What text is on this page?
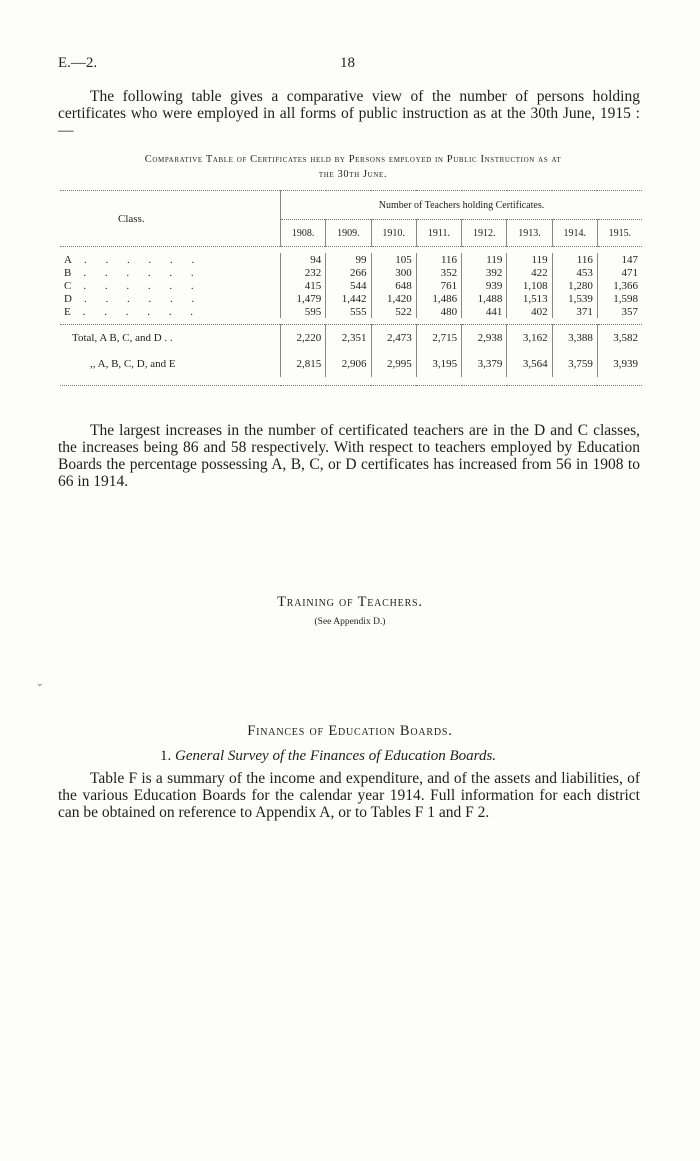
E.—2.	18
The following table gives a comparative view of the number of persons holding certificates who were employed in all forms of public instruction as at the 30th June, 1915 :—
Comparative Table of Certificates held by Persons employed in Public Instruction as at
the 30th June.
Class.	Number of Teachers holding Certificates.							
	1908.	1909.	1910.	1911.	1912.	1913.	1914.	1915.

A . . . . . .	94	99	105	116	119	119	116	147
B . . . . . .	232	266	300	352	392	422	453	471
C . . . . . .	415	544	648	761	939	1,108	1,280	1,366
D . . . . . .	1,479	1,442	1,420	1,486	1,488	1,513	1,539	1,598
E . . . . . .	595	555	522	480	441	402	371	357

Total, A B, C, and D . .	2,220	2,351	2,473	2,715	2,938	3,162	3,388	3,582
,, A, B, C, D, and E	2,815	2,906	2,995	3,195	3,379	3,564	3,759	3,939

The largest increases in the number of certificated teachers are in the D and C classes, the increases being 86 and 58 respectively. With respect to teachers employed by Education Boards the percentage possessing A, B, C, or D certificates has increased from 56 in 1908 to 66 in 1914.
Training of Teachers.
(See Appendix D.)
⌄
Finances of Education Boards.
1. General Survey of the Finances of Education Boards.
Table F is a summary of the income and expenditure, and of the assets and liabilities, of the various Education Boards for the calendar year 1914. Full information for each district can be obtained on reference to Appendix A, or to Tables F 1 and F 2.
